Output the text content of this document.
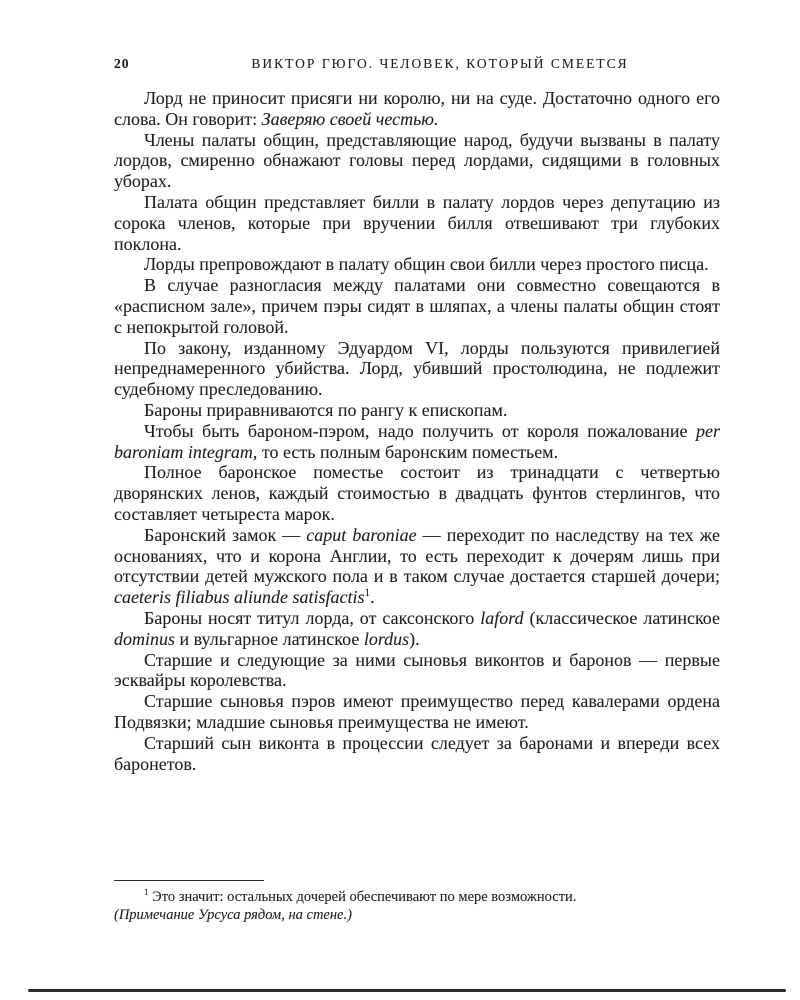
20	ВИКТОР ГЮГО. ЧЕЛОВЕК, КОТОРЫЙ СМЕЕТСЯ

Лорд не приносит присяги ни королю, ни на суде. Достаточно одного его слова. Он говорит: Заверяю своей честью.

Члены палаты общин, представляющие народ, будучи вызваны в палату лордов, смиренно обнажают головы перед лордами, сидящими в головных уборах.

Палата общин представляет билли в палату лордов через депутацию из сорока членов, которые при вручении билля отвешивают три глубоких поклона.

Лорды препровождают в палату общин свои билли через простого писца.

В случае разногласия между палатами они совместно совещаются в «расписном зале», причем пэры сидят в шляпах, а члены палаты общин стоят с непокрытой головой.

По закону, изданному Эдуардом VI, лорды пользуются привилегией непреднамеренного убийства. Лорд, убивший простолюдина, не подлежит судебному преследованию.

Бароны приравниваются по рангу к епископам.

Чтобы быть бароном-пэром, надо получить от короля пожалование per baroniam integram, то есть полным баронским поместьем.

Полное баронское поместье состоит из тринадцати с четвертью дворянских ленов, каждый стоимостью в двадцать фунтов стерлингов, что составляет четыреста марок.

Баронский замок — caput baroniae — переходит по наследству на тех же основаниях, что и корона Англии, то есть переходит к дочерям лишь при отсутствии детей мужского пола и в таком случае достается старшей дочери; caeteris filiabus aliunde satisfactis$^1$.

Бароны носят титул лорда, от саксонского laford (классическое латинское dominus и вульгарное латинское lordus).

Старшие и следующие за ними сыновья виконтов и баронов — первые эсквайры королевства.

Старшие сыновья пэров имеют преимущество перед кавалерами ордена Подвязки; младшие сыновья преимущества не имеют.

Старший сын виконта в процессии следует за баронами и впереди всех баронетов.

$^1$ Это значит: остальных дочерей обеспечивают по мере возможности.

(Примечание Урсуса рядом, на стене.)
